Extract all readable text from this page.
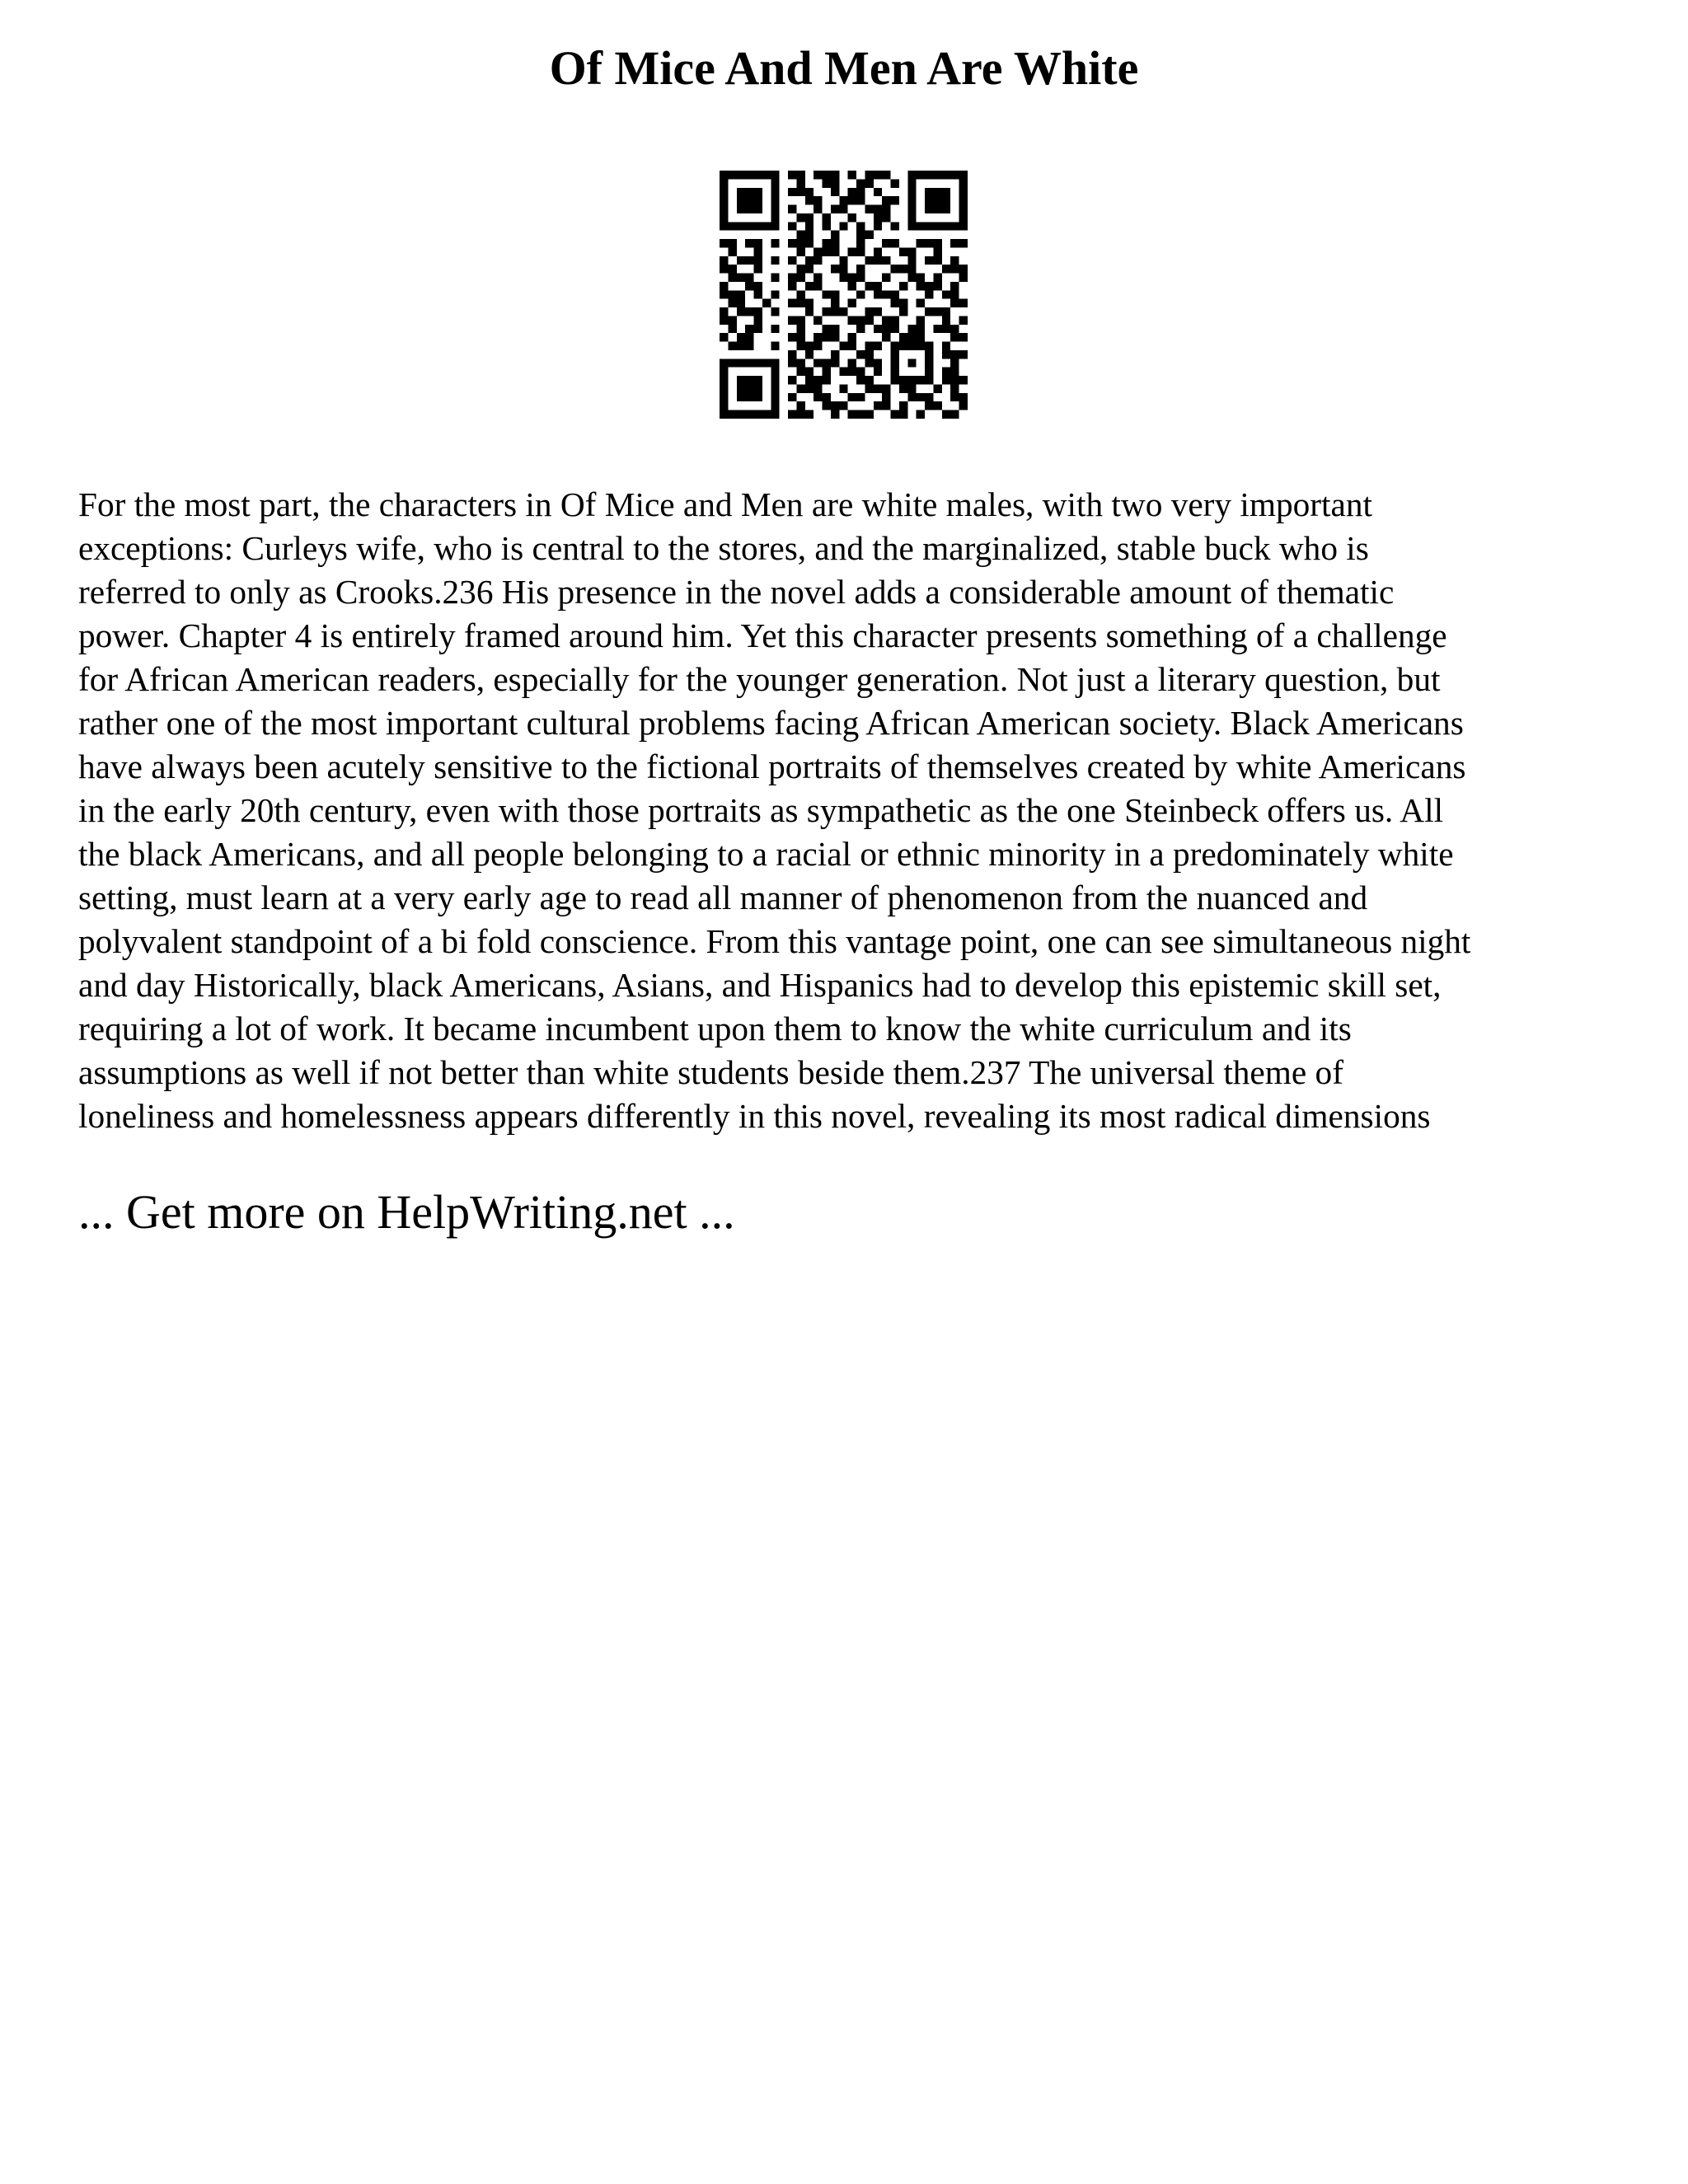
Of Mice And Men Are White
For the most part, the characters in Of Mice and Men are white males, with two very important
exceptions: Curleys wife, who is central to the stores, and the marginalized, stable buck who is
referred to only as Crooks.236 His presence in the novel adds a considerable amount of thematic
power. Chapter 4 is entirely framed around him. Yet this character presents something of a challenge
for African American readers, especially for the younger generation. Not just a literary question, but
rather one of the most important cultural problems facing African American society. Black Americans
have always been acutely sensitive to the fictional portraits of themselves created by white Americans
in the early 20th century, even with those portraits as sympathetic as the one Steinbeck offers us. All
the black Americans, and all people belonging to a racial or ethnic minority in a predominately white
setting, must learn at a very early age to read all manner of phenomenon from the nuanced and
polyvalent standpoint of a bi fold conscience. From this vantage point, one can see simultaneous night
and day Historically, black Americans, Asians, and Hispanics had to develop this epistemic skill set,
requiring a lot of work. It became incumbent upon them to know the white curriculum and its
assumptions as well if not better than white students beside them.237 The universal theme of
loneliness and homelessness appears differently in this novel, revealing its most radical dimensions
... Get more on HelpWriting.net ...
